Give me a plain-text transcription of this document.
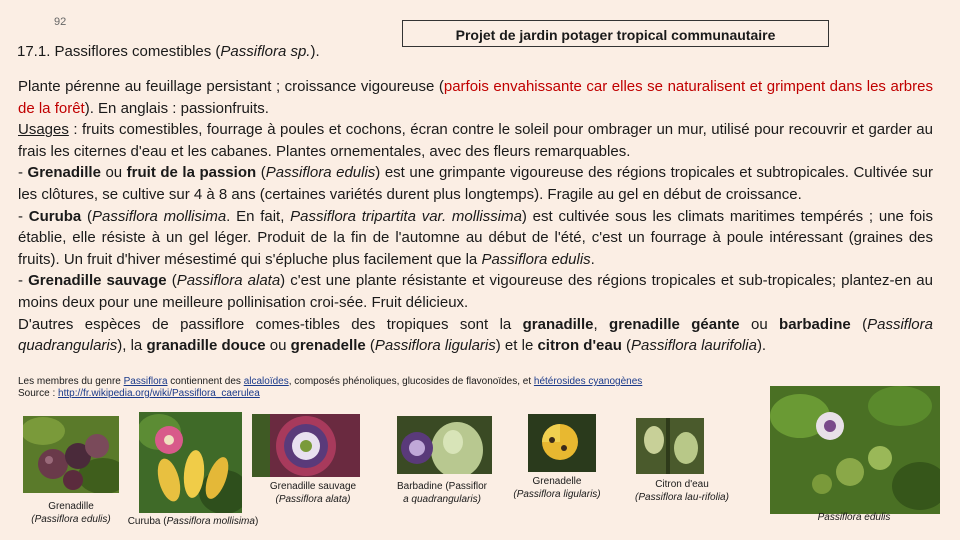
92
Projet de jardin potager tropical communautaire
17.1. Passiflores comestibles (Passiflora sp.).

Plante pérenne au feuillage persistant ; croissance vigoureuse (parfois envahissante car elles se naturalisent et grimpent dans les arbres de la forêt). En anglais : passionfruits.

Usages : fruits comestibles, fourrage à poules et cochons, écran contre le soleil pour ombrager un mur, utilisé pour recouvrir et garder au frais les citernes d'eau et les cabanes. Plantes ornementales, avec des fleurs remarquables.

- Grenadille ou fruit de la passion (Passiflora edulis) est une grimpante vigoureuse des régions tropicales et subtropicales. Cultivée sur les clôtures, se cultive sur 4 à 8 ans (certaines variétés durent plus longtemps). Fragile au gel en début de croissance.

- Curuba (Passiflora mollisima. En fait, Passiflora tripartita var. mollissima) est cultivée sous les climats maritimes tempérés ; une fois établie, elle résiste à un gel léger. Produit de la fin de l'automne au début de l'été, c'est un fourrage à poule intéressant (graines des fruits). Un fruit d'hiver mésestimé qui s'épluche plus facilement que la Passiflora edulis.

- Grenadille sauvage (Passiflora alata) c'est une plante résistante et vigoureuse des régions tropicales et sub-tropicales; plantez-en au moins deux pour une meilleure pollinisation croi-sée. Fruit délicieux.

D'autres espèces de passiflore comes-tibles des tropiques sont la granadille, grenadille géante ou barbadine (Passiflora quadrangularis), la granadille douce ou grenadelle (Passiflora ligularis) et le citron d'eau (Passiflora laurifolia).

Les membres du genre Passiflora contiennent des alcaloïdes, composés phénoliques, glucosides de flavonoïdes, et hétérosides cyanogènes
Source : http://fr.wikipedia.org/wiki/Passiflora_caerulea
Grenadille
(Passiflora edulis)	Curuba (Passiflora mollisima)
Grenadille sauvage
(Passiflora alata)
Barbadine (Passiflor
a quadrangularis)
Grenadelle
(Passiflora ligularis)
Citron d'eau
(Passiflora lau-rifolia)
Passiflora edulis
